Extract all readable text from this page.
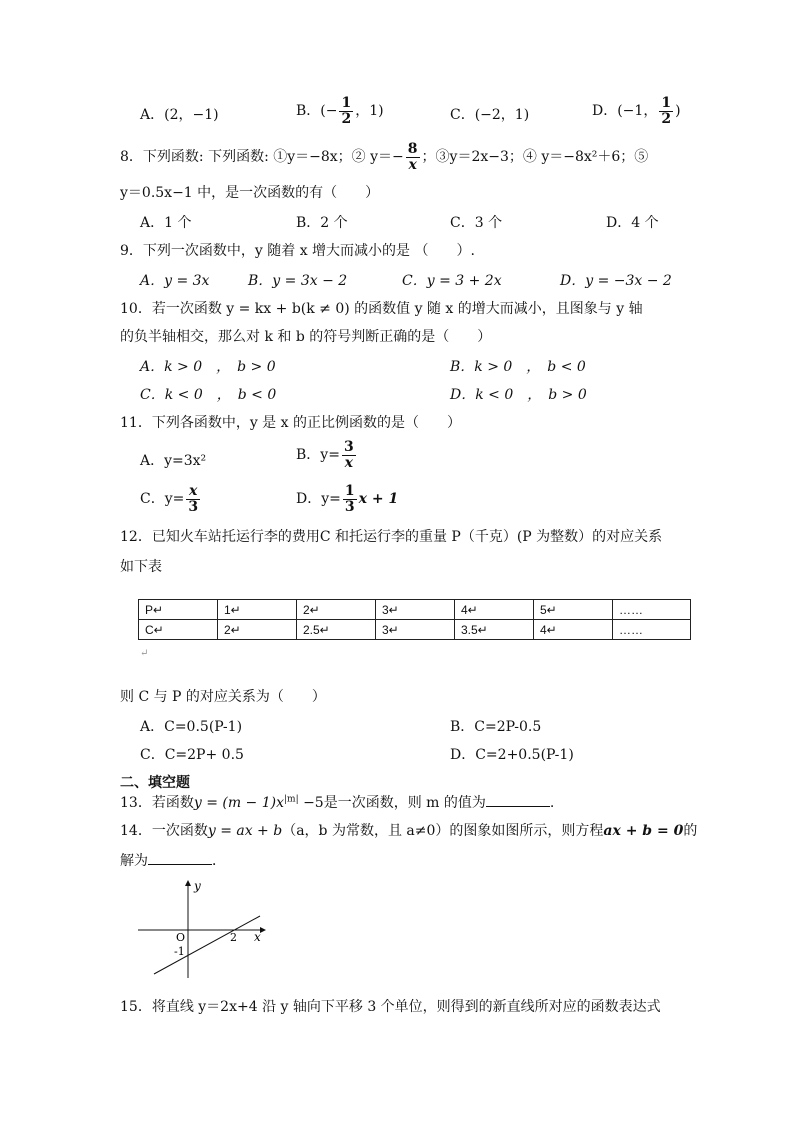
A．(2，−1)	B．(− $\frac{1}{2}$ ，1)	C．(−2，1)	D．(−1， $\frac{1}{2}$ )
8．下列函数: 下列函数: ①y＝−8x；② $y=- \frac{8}{x}$ ；③y＝2x−3；④ y＝−8x²＋6；⑤
y＝0.5x−1 中，是一次函数的有（　　）
A．1 个	B．2 个	C．3 个	D．4 个
9．下列一次函数中，y 随着 x 增大而减小的是 （　　）.
A．y = 3x	B．y = 3x − 2	C．y = 3 + 2x	D．y = −3x − 2
10．若一次函数 y = kx + b(k ≠ 0) 的函数值 y 随 x 的增大而减小，且图象与 y 轴
的负半轴相交，那么对 k 和 b 的符号判断正确的是（　　）
A．k > 0　，　b > 0	B．k > 0　，　b < 0
C．k < 0　，　b < 0	D．k < 0　，　b > 0
11．下列各函数中，y 是 x 的正比例函数的是（　　）
A．y=3x²	B．$y= \frac{3}{x}$
C．$y= \frac{x}{3}$	D．$y= \frac{1}{3}$ x + 1
12．已知火车站托运行李的费用C 和托运行李的重量 P（千克）(P 为整数）的对应关系
如下表
P↵	1↵	2↵	3↵	4↵	5↵	……
C↵	2↵	2.5↵	3↵	3.5↵	4↵	……
↵
则 C 与 P 的对应关系为（　　）
A．C=0.5(P-1)	B．C=2P-0.5
C．C=2P+ 0.5	D．C=2+0.5(P-1)
二、填空题
13．若函数$y = (m - 1)x^{|m|} -5$是一次函数，则 m 的值为	.
14．一次函数y = ax + b（a，b 为常数，且 a≠0）的图象如图所示，则方程ax + b = 0的
解为	．
y
x
O	2
-1
15．将直线 y＝2x+4 沿 y 轴向下平移 3 个单位，则得到的新直线所对应的函数表达式
